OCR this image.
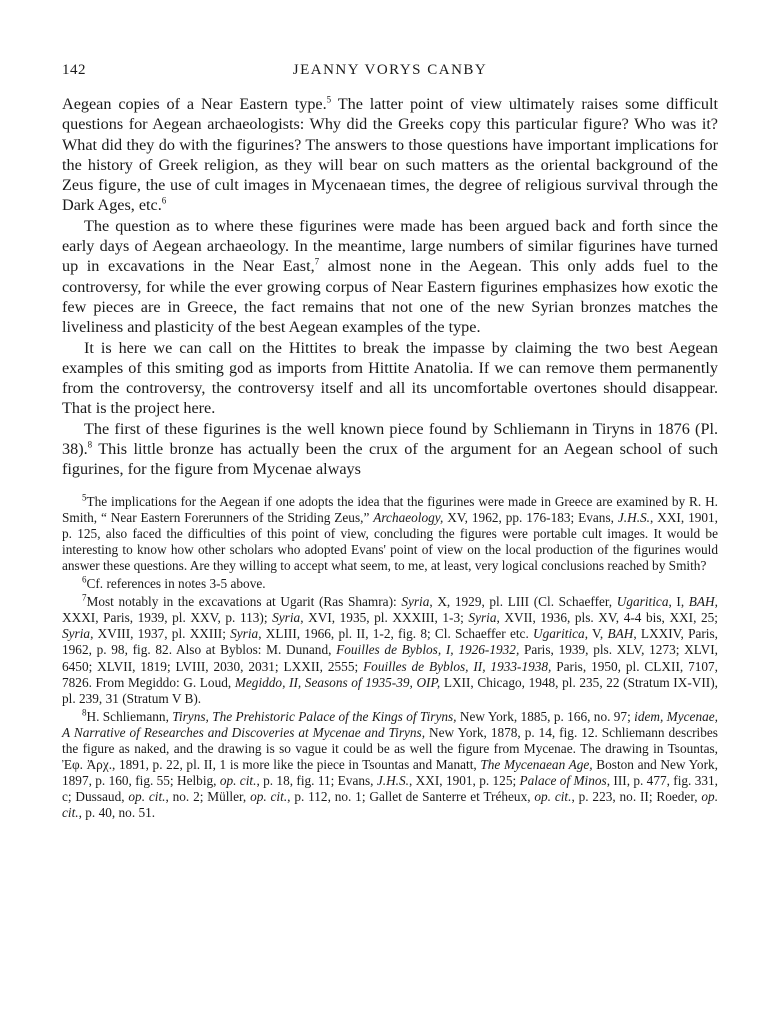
142	JEANNY VORYS CANBY

Aegean copies of a Near Eastern type.$^5$ The latter point of view ultimately raises some difficult questions for Aegean archaeologists: Why did the Greeks copy this particular figure? Who was it? What did they do with the figurines? The answers to those questions have important implications for the history of Greek religion, as they will bear on such matters as the oriental background of the Zeus figure, the use of cult images in Mycenaean times, the degree of religious survival through the Dark Ages, etc.$^6$

The question as to where these figurines were made has been argued back and forth since the early days of Aegean archaeology. In the meantime, large numbers of similar figurines have turned up in excavations in the Near East,$^7$ almost none in the Aegean. This only adds fuel to the controversy, for while the ever growing corpus of Near Eastern figurines emphasizes how exotic the few pieces are in Greece, the fact remains that not one of the new Syrian bronzes matches the liveliness and plasticity of the best Aegean examples of the type.

It is here we can call on the Hittites to break the impasse by claiming the two best Aegean examples of this smiting god as imports from Hittite Anatolia. If we can remove them permanently from the controversy, the controversy itself and all its uncomfortable overtones should disappear. That is the project here.

The first of these figurines is the well known piece found by Schliemann in Tiryns in 1876 (Pl. 38).$^8$ This little bronze has actually been the crux of the argument for an Aegean school of such figurines, for the figure from Mycenae always

$^5$The implications for the Aegean if one adopts the idea that the figurines were made in Greece are examined by R. H. Smith, “ Near Eastern Forerunners of the Striding Zeus,” Archaeology, XV, 1962, pp. 176-183; Evans, J.H.S., XXI, 1901, p. 125, also faced the difficulties of this point of view, concluding the figures were portable cult images. It would be interesting to know how other scholars who adopted Evans' point of view on the local production of the figurines would answer these questions. Are they willing to accept what seem, to me, at least, very logical conclusions reached by Smith?

$^6$Cf. references in notes 3-5 above.

$^7$Most notably in the excavations at Ugarit (Ras Shamra): Syria, X, 1929, pl. LIII (Cl. Schaeffer, Ugaritica, I, BAH, XXXI, Paris, 1939, pl. XXV, p. 113); Syria, XVI, 1935, pl. XXXIII, 1-3; Syria, XVII, 1936, pls. XV, 4-4 bis, XXI, 25; Syria, XVIII, 1937, pl. XXIII; Syria, XLIII, 1966, pl. II, 1-2, fig. 8; Cl. Schaeffer etc. Ugaritica, V, BAH, LXXIV, Paris, 1962, p. 98, fig. 82. Also at Byblos: M. Dunand, Fouilles de Byblos, I, 1926-1932, Paris, 1939, pls. XLV, 1273; XLVI, 6450; XLVII, 1819; LVIII, 2030, 2031; LXXII, 2555; Fouilles de Byblos, II, 1933-1938, Paris, 1950, pl. CLXII, 7107, 7826. From Megiddo: G. Loud, Megiddo, II, Seasons of 1935-39, OIP, LXII, Chicago, 1948, pl. 235, 22 (Stratum IX-VII), pl. 239, 31 (Stratum V B).

$^8$H. Schliemann, Tiryns, The Prehistoric Palace of the Kings of Tiryns, New York, 1885, p. 166, no. 97; idem, Mycenae, A Narrative of Researches and Discoveries at Mycenae and Tiryns, New York, 1878, p. 14, fig. 12. Schliemann describes the figure as naked, and the drawing is so vague it could be as well the figure from Mycenae. The drawing in Tsountas, Ἐφ. Ἀρχ., 1891, p. 22, pl. II, 1 is more like the piece in Tsountas and Manatt, The Mycenaean Age, Boston and New York, 1897, p. 160, fig. 55; Helbig, op. cit., p. 18, fig. 11; Evans, J.H.S., XXI, 1901, p. 125; Palace of Minos, III, p. 477, fig. 331, c; Dussaud, op. cit., no. 2; Müller, op. cit., p. 112, no. 1; Gallet de Santerre et Tréheux, op. cit., p. 223, no. II; Roeder, op. cit., p. 40, no. 51.
